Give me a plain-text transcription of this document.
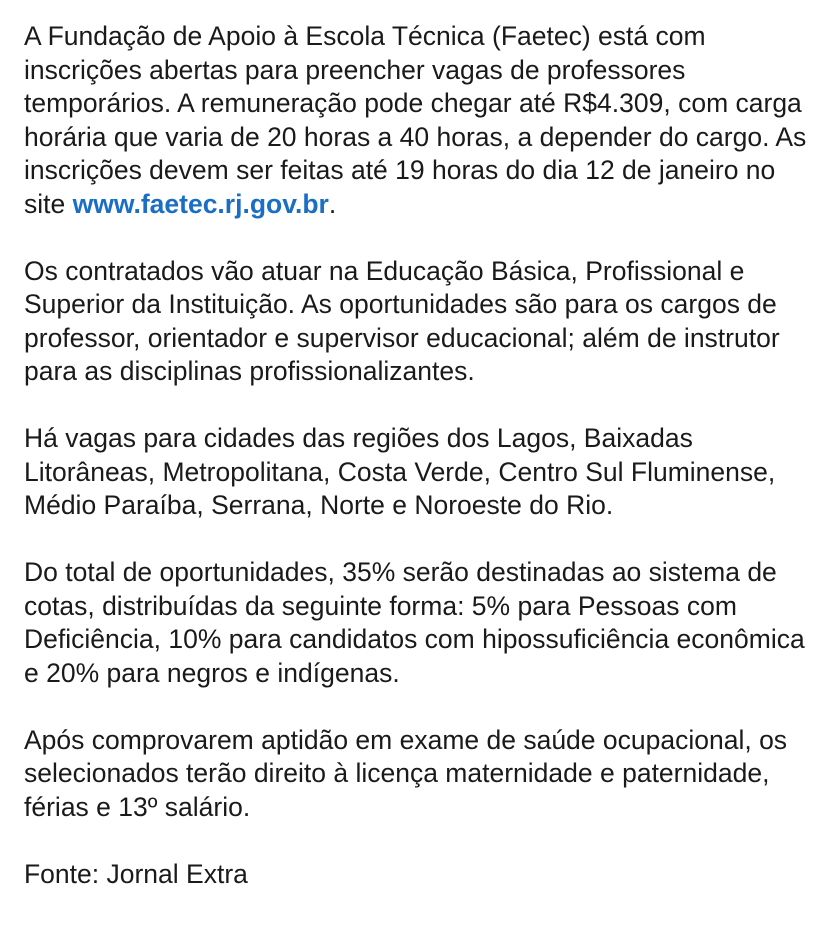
A Fundação de Apoio à Escola Técnica (Faetec) está com inscrições abertas para preencher vagas de professores temporários. A remuneração pode chegar até R$4.309, com carga horária que varia de 20 horas a 40 horas, a depender do cargo. As inscrições devem ser feitas até 19 horas do dia 12 de janeiro no site www.faetec.rj.gov.br.

Os contratados vão atuar na Educação Básica, Profissional e Superior da Instituição. As oportunidades são para os cargos de professor, orientador e supervisor educacional; além de instrutor para as disciplinas profissionalizantes.

Há vagas para cidades das regiões dos Lagos, Baixadas Litorâneas, Metropolitana, Costa Verde, Centro Sul Fluminense, Médio Paraíba, Serrana, Norte e Noroeste do Rio.

Do total de oportunidades, 35% serão destinadas ao sistema de cotas, distribuídas da seguinte forma: 5% para Pessoas com Deficiência, 10% para candidatos com hipossuficiência econômica e 20% para negros e indígenas.

Após comprovarem aptidão em exame de saúde ocupacional, os selecionados terão direito à licença maternidade e paternidade, férias e 13º salário.

Fonte: Jornal Extra
